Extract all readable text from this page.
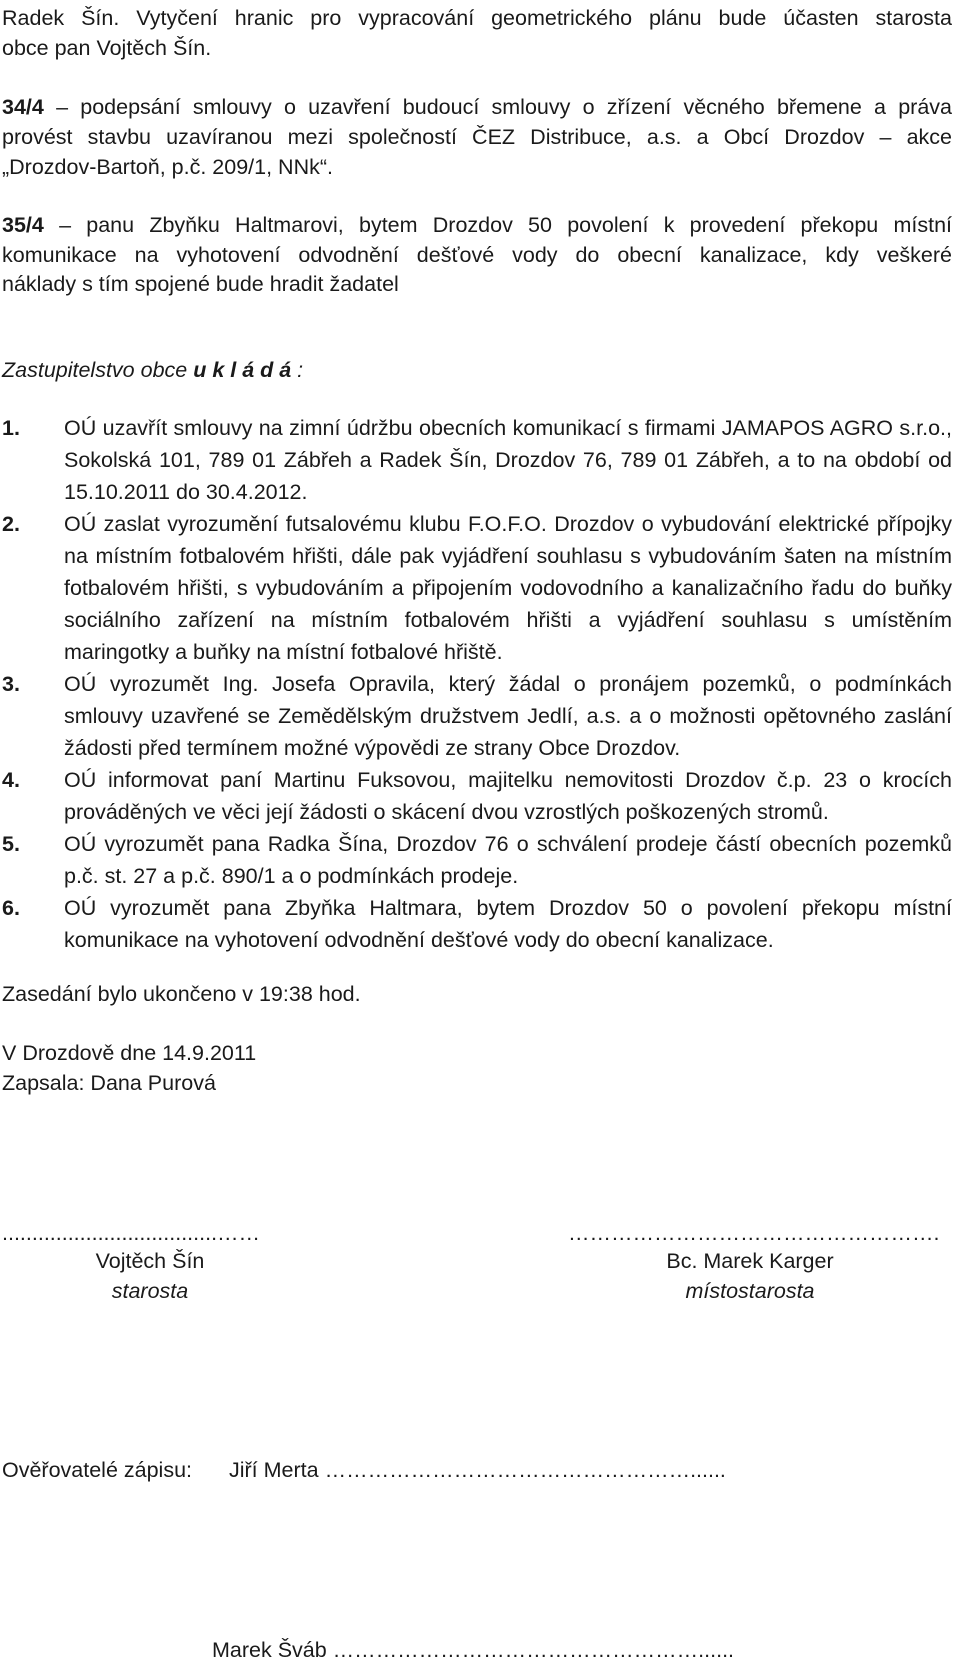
Radek Šín. Vytyčení hranic pro vypracování geometrického plánu bude účasten starosta
obce pan Vojtěch Šín.
34/4 – podepsání smlouvy o uzavření budoucí smlouvy o zřízení věcného břemene a práva
provést stavbu uzavíranou mezi společností ČEZ Distribuce, a.s. a Obcí Drozdov – akce
„Drozdov-Bartoň, p.č. 209/1, NNk“.
35/4 – panu Zbyňku Haltmarovi, bytem Drozdov 50 povolení k provedení překopu místní
komunikace na vyhotovení odvodnění dešťové vody do obecní kanalizace, kdy veškeré
náklady s tím spojené bude hradit žadatel
Zastupitelstvo obce u k l á d á :
1.	OÚ uzavřít smlouvy na zimní údržbu obecních komunikací s firmami JAMAPOS AGRO s.r.o., Sokolská 101, 789 01 Zábřeh a Radek Šín, Drozdov 76, 789 01 Zábřeh, a to na období od 15.10.2011 do 30.4.2012.
2.	OÚ zaslat vyrozumění futsalovému klubu F.O.F.O. Drozdov o vybudování elektrické přípojky na místním fotbalovém hřišti, dále pak vyjádření souhlasu s vybudováním šaten na místním fotbalovém hřišti, s vybudováním a připojením vodovodního a kanalizačního řadu do buňky sociálního zařízení na místním fotbalovém hřišti a vyjádření souhlasu s umístěním maringotky a buňky na místní fotbalové hřiště.
3.	OÚ vyrozumět Ing. Josefa Opravila, který žádal o pronájem pozemků, o podmínkách smlouvy uzavřené se Zemědělským družstvem Jedlí, a.s. a o možnosti opětovného zaslání žádosti před termínem možné výpovědi ze strany Obce Drozdov.
4.	OÚ informovat paní Martinu Fuksovou, majitelku nemovitosti Drozdov č.p. 23 o krocích prováděných ve věci její žádosti o skácení dvou vzrostlých poškozených stromů.
5.	OÚ vyrozumět pana Radka Šína, Drozdov 76 o schválení prodeje částí obecních pozemků p.č. st. 27 a p.č. 890/1 a o podmínkách prodeje.
6.	OÚ vyrozumět pana Zbyňka Haltmara, bytem Drozdov 50 o povolení překopu místní komunikace na vyhotovení odvodnění dešťové vody do obecní kanalizace.
Zasedání bylo ukončeno v 19:38 hod.
V Drozdově dne 14.9.2011
Zapsala: Dana Purová
....................................……
Vojtěch Šín
starosta
…………………………………………….
Bc. Marek Karger
místostarosta
Ověřovatelé zápisu: Jiří Merta ……………………………………………......
Marek Šváb ……………………………………………......
